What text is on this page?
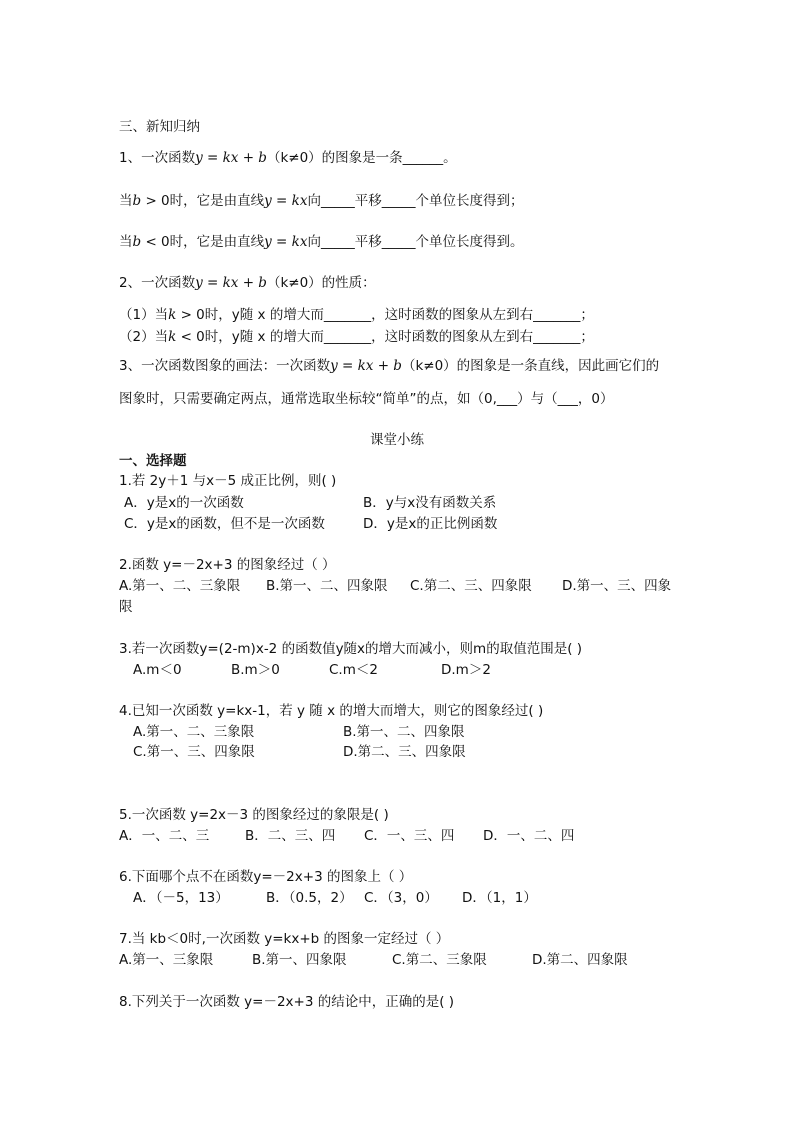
三、新知归纳
1、一次函数y = kx + b（k≠0）的图象是一条______。
当b > 0时，它是由直线y = kx向_____平移_____个单位长度得到；
当b < 0时，它是由直线y = kx向_____平移_____个单位长度得到。
2、一次函数y = kx + b（k≠0）的性质：
（1）当k > 0时，y随 x 的增大而_______，这时函数的图象从左到右_______；
（2）当k < 0时，y随 x 的增大而_______，这时函数的图象从左到右_______；
3、一次函数图象的画法：一次函数y = kx + b（k≠0）的图象是一条直线，因此画它们的
图象时，只需要确定两点，通常选取坐标较“简单”的点，如（0,___）与（___，0）
课堂小练
一、选择题
1.若 2y＋1 与x－5 成正比例，则( )
A．y是x的一次函数	B．y与x没有函数关系
C．y是x的函数，但不是一次函数	D．y是x的正比例函数
2.函数 y=－2x+3 的图象经过（ ）
A.第一、二、三象限 B.第一、二、四象限 C.第二、三、四象限 D.第一、三、四象
限
3.若一次函数y=(2-m)x-2 的函数值y随x的增大而减小，则m的取值范围是( )
A.m＜0	B.m＞0	C.m＜2	D.m＞2
4.已知一次函数 y=kx-1，若 y 随 x 的增大而增大，则它的图象经过( )
A.第一、二、三象限	B.第一、二、四象限
C.第一、三、四象限	D.第二、三、四象限
5.一次函数 y=2x－3 的图象经过的象限是( )
A．一、二、三	B．二、三、四 C．一、三、四 D．一、二、四
6.下面哪个点不在函数y=－2x+3 的图象上（ ）
A．（－5，13）	B．（0.5，2） C．（3，0） D．（1，1）
7.当 kb＜0时,一次函数 y=kx+b 的图象一定经过（ ）
A.第一、三象限	B.第一、四象限	C.第二、三象限	D.第二、四象限
8.下列关于一次函数 y=－2x+3 的结论中，正确的是( )
